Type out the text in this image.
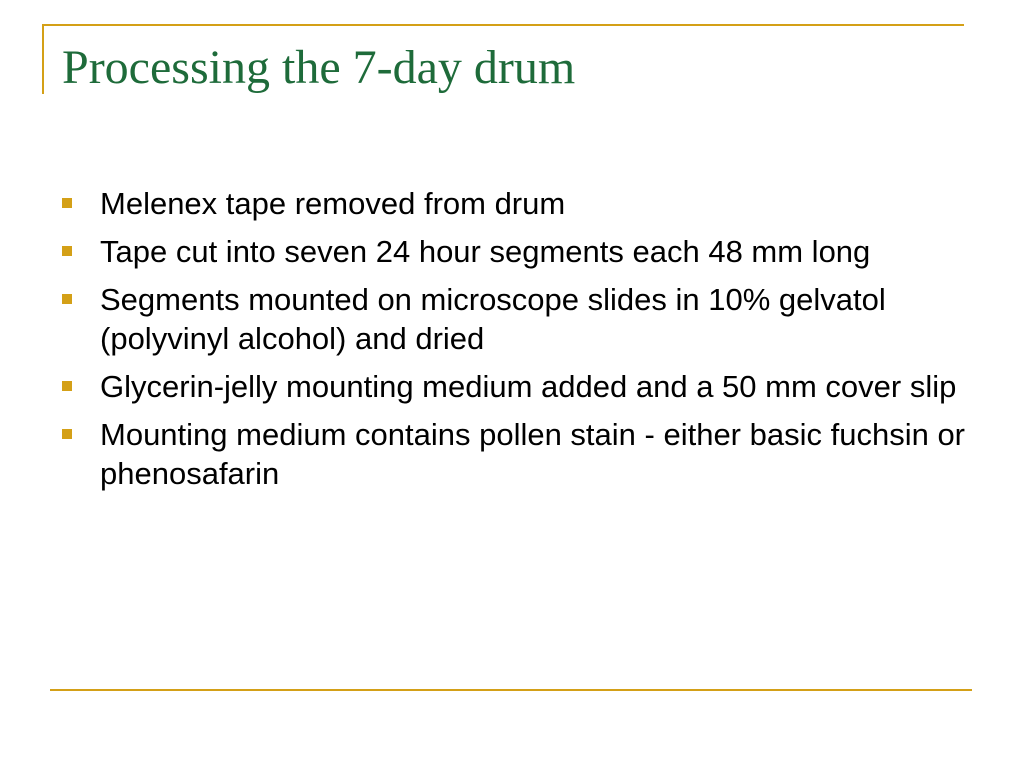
Processing the 7-day drum
Melenex tape removed from drum
Tape cut into seven 24 hour segments each 48 mm long
Segments mounted on microscope slides in 10% gelvatol (polyvinyl alcohol) and dried
Glycerin-jelly mounting medium added and a 50 mm cover slip
Mounting medium contains pollen stain - either basic fuchsin or phenosafarin
